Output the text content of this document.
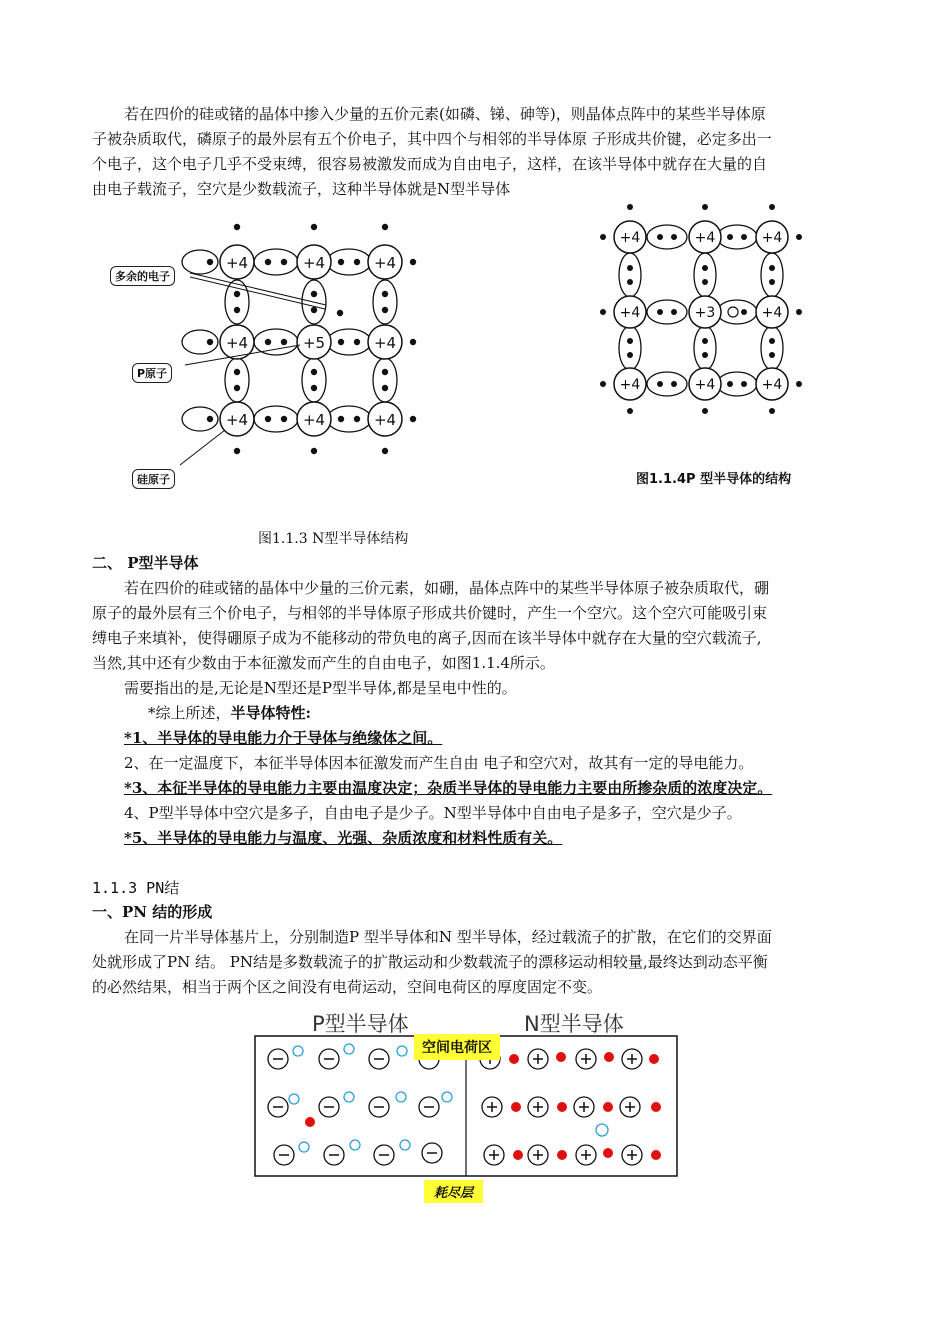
若在四价的硅或锗的晶体中掺入少量的五价元素(如磷、锑、砷等)，则晶体点阵中的某些半导体原
子被杂质取代，磷原子的最外层有五个价电子，其中四个与相邻的半导体原 子形成共价键，必定多出一
个电子，这个电子几乎不受束缚，很容易被激发而成为自由电子，这样，在该半导体中就存在大量的自
由电子载流子，空穴是少数载流子，这种半导体就是N型半导体
+4	+4	+4
+4	+5	+4
+4	+4	+4
多余的电子
P原子
硅原子
图1.1.3 N型半导体结构
+4	+4	+4
+4	+3	+4
+4	+4	+4
图1.1.4P 型半导体的结构
二、 P型半导体
若在四价的硅或锗的晶体中少量的三价元素，如硼，晶体点阵中的某些半导体原子被杂质取代，硼
原子的最外层有三个价电子，与相邻的半导体原子形成共价键时，产生一个空穴。这个空穴可能吸引束
缚电子来填补，使得硼原子成为不能移动的带负电的离子,因而在该半导体中就存在大量的空穴载流子,
当然,其中还有少数由于本征激发而产生的自由电子，如图1.1.4所示。
需要指出的是,无论是N型还是P型半导体,都是呈电中性的。
*综上所述，半导体特性:
*1、半导体的导电能力介于导体与绝缘体之间。
2、在一定温度下，本征半导体因本征激发而产生自由 电子和空穴对，故其有一定的导电能力。
*3、本征半导体的导电能力主要由温度决定；杂质半导体的导电能力主要由所掺杂质的浓度决定。
4、P型半导体中空穴是多子，自由电子是少子。N型半导体中自由电子是多子，空穴是少子。
*5、半导体的导电能力与温度、光强、杂质浓度和材料性质有关。
1.1.3 PN结
一、PN 结的形成
在同一片半导体基片上，分别制造P 型半导体和N 型半导体，经过载流子的扩散，在它们的交界面
处就形成了PN 结。 PN结是多数载流子的扩散运动和少数载流子的漂移运动相较量,最终达到动态平衡
的必然结果，相当于两个区之间没有电荷运动，空间电荷区的厚度固定不变。
P型半导体	N型半导体
空间电荷区
耗尽层
